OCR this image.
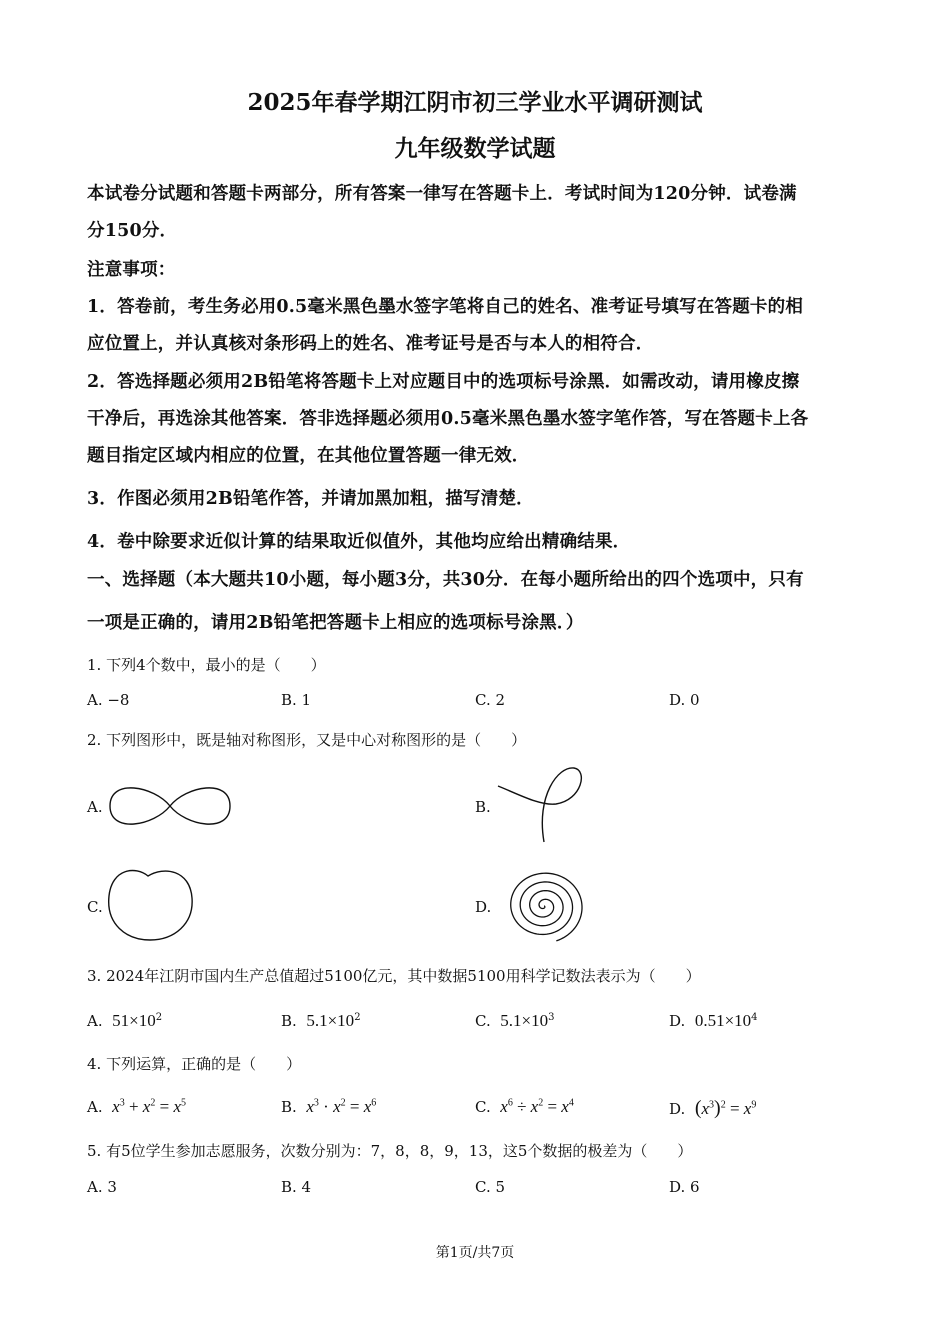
2025年春学期江阴市初三学业水平调研测试
九年级数学试题
本试卷分试题和答题卡两部分，所有答案一律写在答题卡上．考试时间为120分钟．试卷满
分150分．
注意事项：
1．答卷前，考生务必用0.5毫米黑色墨水签字笔将自己的姓名、准考证号填写在答题卡的相
应位置上，并认真核对条形码上的姓名、准考证号是否与本人的相符合．
2．答选择题必须用2B铅笔将答题卡上对应题目中的选项标号涂黑．如需改动，请用橡皮擦
干净后，再选涂其他答案．答非选择题必须用0.5毫米黑色墨水签字笔作答，写在答题卡上各
题目指定区域内相应的位置，在其他位置答题一律无效．
3．作图必须用2B铅笔作答，并请加黑加粗，描写清楚．
4．卷中除要求近似计算的结果取近似值外，其他均应给出精确结果．
一、选择题（本大题共10小题，每小题3分，共30分．在每小题所给出的四个选项中，只有
一项是正确的，请用2B铅笔把答题卡上相应的选项标号涂黑．）
1. 下列4个数中，最小的是（　　）
A. −8	B. 1	C. 2	D. 0
2. 下列图形中，既是轴对称图形，又是中心对称图形的是（　　）
A.	B.
C.	D.
3. 2024年江阴市国内生产总值超过5100亿元，其中数据5100用科学记数法表示为（　　）
A. $51\times 10^2$	B. $5.1\times 10^2$	C. $5.1\times 10^3$	D. $0.51\times 10^4$
4. 下列运算，正确的是（　　）
A. $x^3 + x^2 = x^5$	B. $x^3 \cdot x^2 = x^6$	C. $x^6 \div x^2 = x^4$	D. $(x^3)^2 = x^9$
5. 有5位学生参加志愿服务，次数分别为：7，8，8，9，13，这5个数据的极差为（　　）
A. 3	B. 4	C. 5	D. 6
第1页/共7页
